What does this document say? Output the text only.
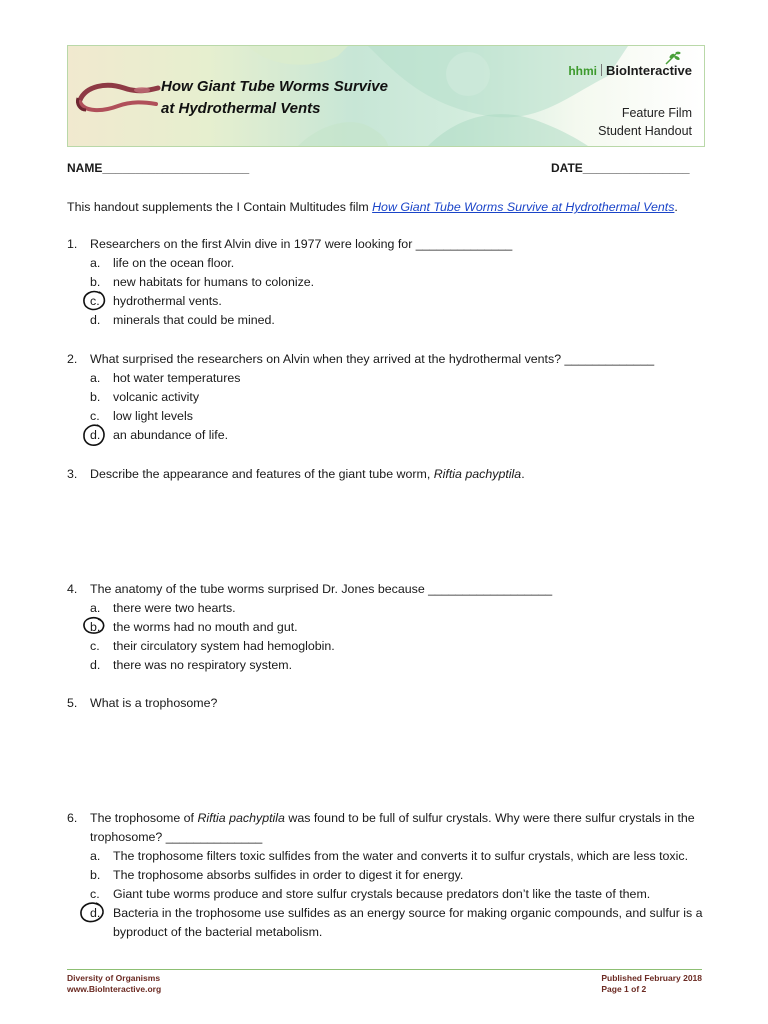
How Giant Tube Worms Survive
at Hydrothermal Vents
hhmi BioInteractive
Feature Film
Student Handout
NAME______________________	DATE________________
This handout supplements the I Contain Multitudes film How Giant Tube Worms Survive at Hydrothermal Vents.
1. Researchers on the first Alvin dive in 1977 were looking for ______________
a. life on the ocean floor.
b. new habitats for humans to colonize.
c. hydrothermal vents.
d. minerals that could be mined.
2. What surprised the researchers on Alvin when they arrived at the hydrothermal vents? _____________
a. hot water temperatures
b. volcanic activity
c. low light levels
d. an abundance of life.
3. Describe the appearance and features of the giant tube worm, Riftia pachyptila.
4. The anatomy of the tube worms surprised Dr. Jones because __________________
a. there were two hearts.
b. the worms had no mouth and gut.
c. their circulatory system had hemoglobin.
d. there was no respiratory system.
5. What is a trophosome?
6. The trophosome of Riftia pachyptila was found to be full of sulfur crystals. Why were there sulfur crystals in the trophosome? ______________
a. The trophosome filters toxic sulfides from the water and converts it to sulfur crystals, which are less toxic.
b. The trophosome absorbs sulfides in order to digest it for energy.
c. Giant tube worms produce and store sulfur crystals because predators don’t like the taste of them.
d. Bacteria in the trophosome use sulfides as an energy source for making organic compounds, and sulfur is a byproduct of the bacterial metabolism.
Diversity of Organisms
www.BioInteractive.org
Published February 2018
Page 1 of 2
